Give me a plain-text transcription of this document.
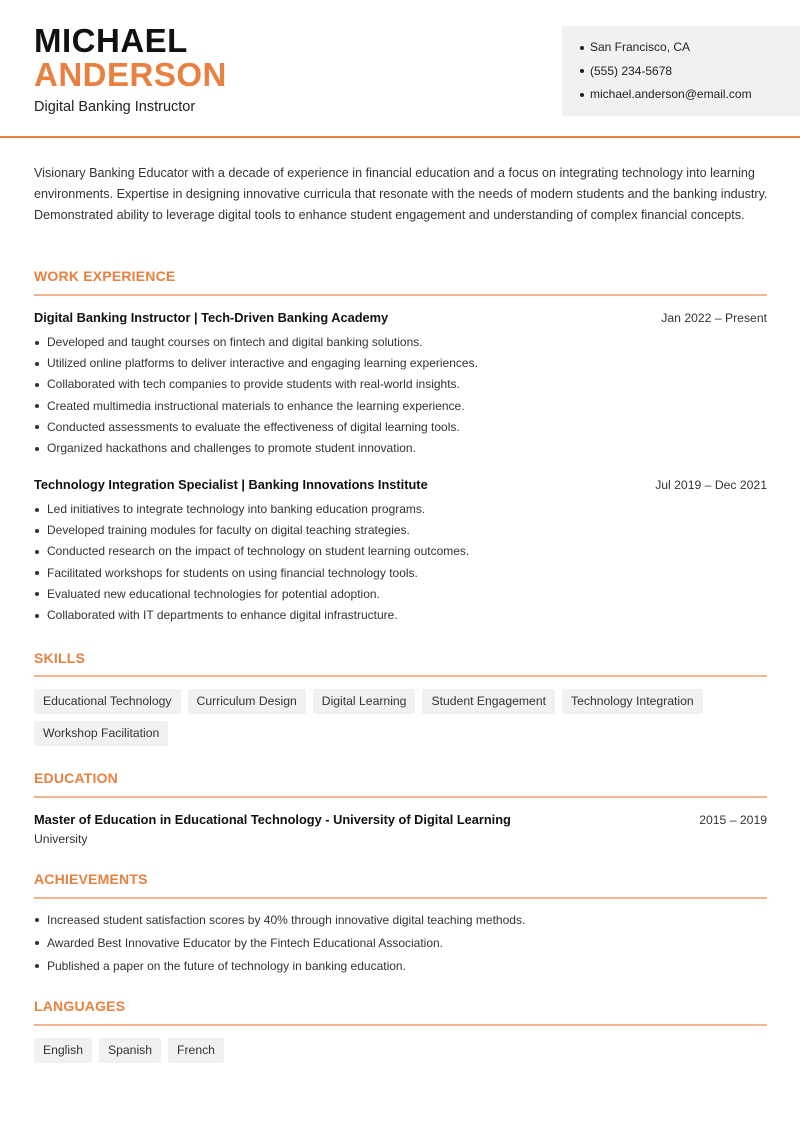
MICHAEL
ANDERSON
Digital Banking Instructor
San Francisco, CA
(555) 234-5678
michael.anderson@email.com

Visionary Banking Educator with a decade of experience in financial education and a focus on integrating technology into learning environments. Expertise in designing innovative curricula that resonate with the needs of modern students and the banking industry. Demonstrated ability to leverage digital tools to enhance student engagement and understanding of complex financial concepts.

WORK EXPERIENCE
Digital Banking Instructor | Tech-Driven Banking Academy	Jan 2022 – Present
Developed and taught courses on fintech and digital banking solutions.
Utilized online platforms to deliver interactive and engaging learning experiences.
Collaborated with tech companies to provide students with real-world insights.
Created multimedia instructional materials to enhance the learning experience.
Conducted assessments to evaluate the effectiveness of digital learning tools.
Organized hackathons and challenges to promote student innovation.
Technology Integration Specialist | Banking Innovations Institute	Jul 2019 – Dec 2021
Led initiatives to integrate technology into banking education programs.
Developed training modules for faculty on digital teaching strategies.
Conducted research on the impact of technology on student learning outcomes.
Facilitated workshops for students on using financial technology tools.
Evaluated new educational technologies for potential adoption.
Collaborated with IT departments to enhance digital infrastructure.
SKILLS
Educational Technology	Curriculum Design	Digital Learning	Student Engagement	Technology Integration
Workshop Facilitation
EDUCATION
Master of Education in Educational Technology - University of Digital Learning	2015 – 2019
University
ACHIEVEMENTS
Increased student satisfaction scores by 40% through innovative digital teaching methods.
Awarded Best Innovative Educator by the Fintech Educational Association.
Published a paper on the future of technology in banking education.
LANGUAGES
English	Spanish	French
